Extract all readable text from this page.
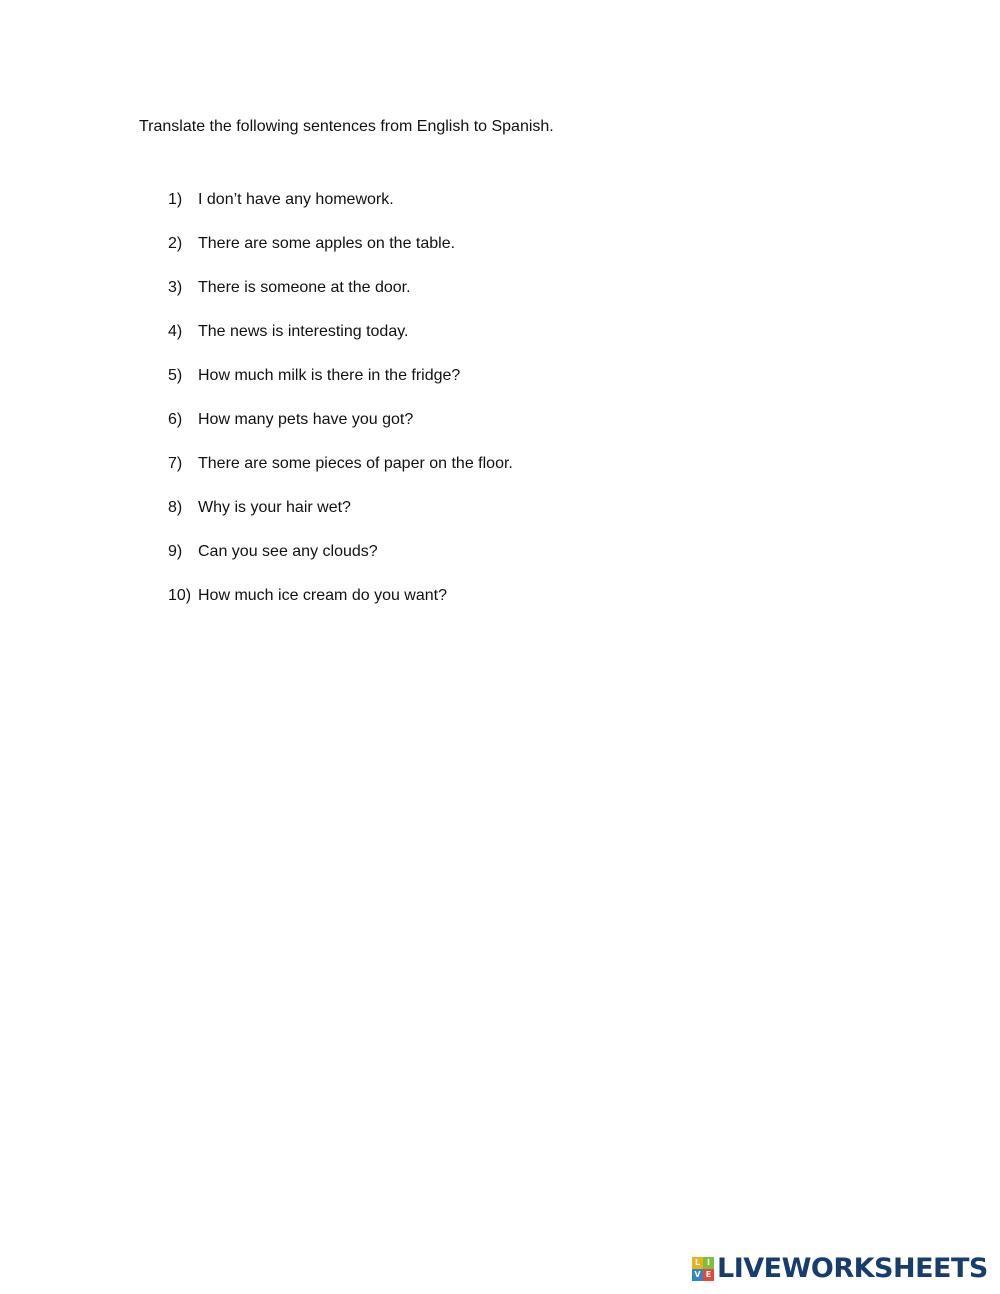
Translate the following sentences from English to Spanish.

1) I don’t have any homework.
2) There are some apples on the table.
3) There is someone at the door.
4) The news is interesting today.
5) How much milk is there in the fridge?
6) How many pets have you got?
7) There are some pieces of paper on the floor.
8) Why is your hair wet?
9) Can you see any clouds?
10) How much ice cream do you want?
L I
V E LIVEWORKSHEETS
